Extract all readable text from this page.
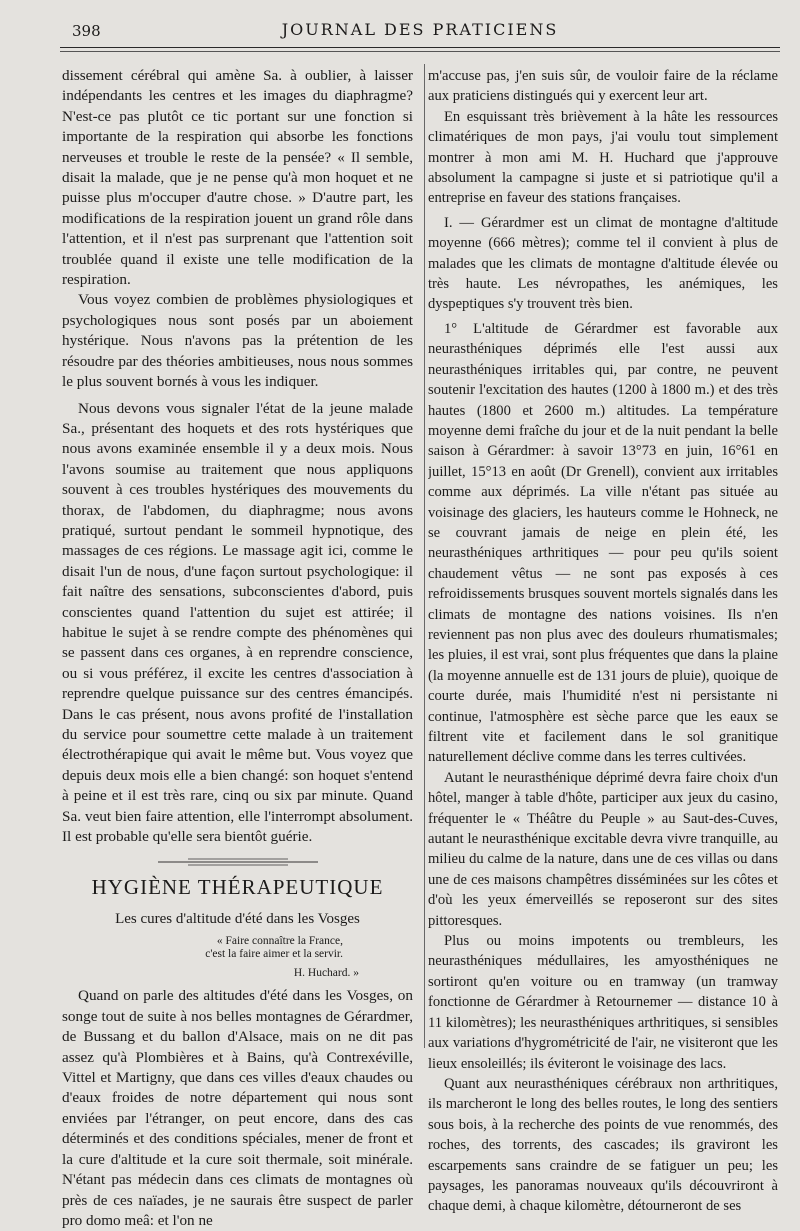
398	JOURNAL DES PRATICIENS

dissement cérébral qui amène Sa. à oublier, à laisser indépendants les centres et les images du diaphragme? N'est-ce pas plutôt ce tic portant sur une fonction si importante de la respiration qui absorbe les fonctions nerveuses et trouble le reste de la pensée? « Il semble, disait la malade, que je ne pense qu'à mon hoquet et ne puisse plus m'occuper d'autre chose. » D'autre part, les modifications de la respiration jouent un grand rôle dans l'attention, et il n'est pas surprenant que l'attention soit troublée quand il existe une telle modification de la respiration.

Vous voyez combien de problèmes physiologiques et psychologiques nous sont posés par un aboiement hystérique. Nous n'avons pas la prétention de les résoudre par des théories ambitieuses, nous nous sommes le plus souvent bornés à vous les indiquer.

Nous devons vous signaler l'état de la jeune malade Sa., présentant des hoquets et des rots hystériques que nous avons examinée ensemble il y a deux mois. Nous l'avons soumise au traitement que nous appliquons souvent à ces troubles hystériques des mouvements du thorax, de l'abdomen, du diaphragme; nous avons pratiqué, surtout pendant le sommeil hypnotique, des massages de ces régions. Le massage agit ici, comme le disait l'un de nous, d'une façon surtout psychologique: il fait naître des sensations, subconscientes d'abord, puis conscientes quand l'attention du sujet est attirée; il habitue le sujet à se rendre compte des phénomènes qui se passent dans ces organes, à en reprendre conscience, ou si vous préférez, il excite les centres d'association à reprendre quelque puissance sur des centres émancipés. Dans le cas présent, nous avons profité de l'installation du service pour soumettre cette malade à un traitement électrothérapique qui avait le même but. Vous voyez que depuis deux mois elle a bien changé: son hoquet s'entend à peine et il est très rare, cinq ou six par minute. Quand Sa. veut bien faire attention, elle l'interrompt absolument. Il est probable qu'elle sera bientôt guérie.

HYGIÈNE THÉRAPEUTIQUE
Les cures d'altitude d'été dans les Vosges
« Faire connaître la France,
c'est la faire aimer et la servir.
H. Huchard. »

Quand on parle des altitudes d'été dans les Vosges, on songe tout de suite à nos belles montagnes de Gérardmer, de Bussang et du ballon d'Alsace, mais on ne dit pas assez qu'à Plombières et à Bains, qu'à Contrexéville, Vittel et Martigny, que dans ces villes d'eaux chaudes ou d'eaux froides de notre département qui nous sont enviées par l'étranger, on peut encore, dans des cas déterminés et des conditions spéciales, mener de front et la cure d'altitude et la cure soit thermale, soit minérale. N'étant pas médecin dans ces climats de montagnes où près de ces naïades, je ne saurais être suspect de parler pro domo meâ: et l'on ne

m'accuse pas, j'en suis sûr, de vouloir faire de la réclame aux praticiens distingués qui y exercent leur art.

En esquissant très brièvement à la hâte les ressources climatériques de mon pays, j'ai voulu tout simplement montrer à mon ami M. H. Huchard que j'approuve absolument la campagne si juste et si patriotique qu'il a entreprise en faveur des stations françaises.

I. — Gérardmer est un climat de montagne d'altitude moyenne (666 mètres); comme tel il convient à plus de malades que les climats de montagne d'altitude élevée ou très haute. Les névropathes, les anémiques, les dyspeptiques s'y trouvent très bien.

1° L'altitude de Gérardmer est favorable aux neurasthéniques déprimés elle l'est aussi aux neurasthéniques irritables qui, par contre, ne peuvent soutenir l'excitation des hautes (1200 à 1800 m.) et des très hautes (1800 et 2600 m.) altitudes. La température moyenne demi fraîche du jour et de la nuit pendant la belle saison à Gérardmer: à savoir 13°73 en juin, 16°61 en juillet, 15°13 en août (Dr Grenell), convient aux irritables comme aux déprimés. La ville n'étant pas située au voisinage des glaciers, les hauteurs comme le Hohneck, ne se couvrant jamais de neige en plein été, les neurasthéniques arthritiques — pour peu qu'ils soient chaudement vêtus — ne sont pas exposés à ces refroidissements brusques souvent mortels signalés dans les climats de montagne des nations voisines. Ils n'en reviennent pas non plus avec des douleurs rhumatismales; les pluies, il est vrai, sont plus fréquentes que dans la plaine (la moyenne annuelle est de 131 jours de pluie), quoique de courte durée, mais l'humidité n'est ni persistante ni continue, l'atmosphère est sèche parce que les eaux se filtrent vite et facilement dans le sol granitique naturellement déclive comme dans les terres cultivées.

Autant le neurasthénique déprimé devra faire choix d'un hôtel, manger à table d'hôte, participer aux jeux du casino, fréquenter le « Théâtre du Peuple » au Saut-des-Cuves, autant le neurasthénique excitable devra vivre tranquille, au milieu du calme de la nature, dans une de ces villas ou dans une de ces maisons champêtres disséminées sur les côtes et d'où les yeux émerveillés se reposeront sur des sites pittoresques.

Plus ou moins impotents ou trembleurs, les neurasthéniques médullaires, les amyosthéniques ne sortiront qu'en voiture ou en tramway (un tramway fonctionne de Gérardmer à Retournemer — distance 10 à 11 kilomètres); les neurasthéniques arthritiques, si sensibles aux variations d'hygrométricité de l'air, ne visiteront que les lieux ensoleillés; ils éviteront le voisinage des lacs.

Quant aux neurasthéniques cérébraux non arthritiques, ils marcheront le long des belles routes, le long des sentiers sous bois, à la recherche des points de vue renommés, des roches, des torrents, des cascades; ils graviront les escarpements sans craindre de se fatiguer un peu; les paysages, les panoramas nouveaux qu'ils découvriront à chaque demi, à chaque kilomètre, détourneront de ses
